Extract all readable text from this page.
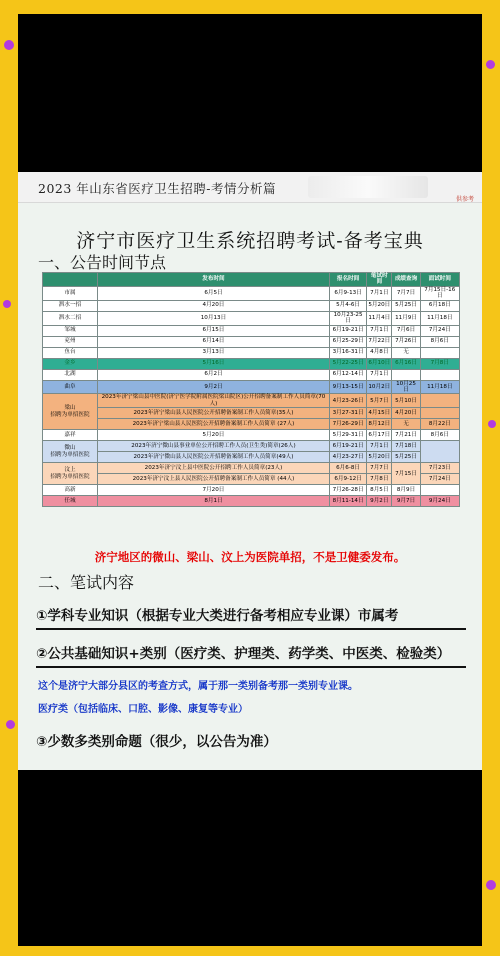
2023 年山东省医疗卫生招聘-考情分析篇
供参考
济宁市医疗卫生系统招聘考试-备考宝典
一、公告时间节点
	发布时间	报名时间	笔试时间	成绩查询	面试时间
市属	6月5日	6月9-13日	7月1日	7月7日	7月15日-16日
泗水一招	4月20日	5月4-6日	5月20日	5月25日	6月18日
泗水二招	10月13日	10月23-25日	11月4日	11月9日	11月18日
邹城	6月15日	6月19-21日	7月1日	7月6日	7月24日
兖州	6月14日	6月25-29日	7月22日	7月26日	8月6日
鱼台	3月13日	3月16-31日	4月8日	无	
金乡	5月16日	5月22-25日	6月10日	6月16日	7月8日
北湖	6月2日	6月12-14日	7月1日		
曲阜	9月2日	9月13-15日	10月2日	10月25日	11月18日
梁山
招聘为单招医院	2023年济宁梁山县中医院(济宁医学院附属医院梁山院区)公开招聘备案制工作人员简章(70人)	4月23-26日	5月7日	5月10日	
	2023年济宁梁山县人民医院公开招聘备案制工作人员简章(35人)	3月27-31日	4月15日	4月20日	
	2023年济宁梁山县人民医院公开招聘备案制工作人员简章 (27人)	7月26-29日	8月12日	无	8月22日
嘉祥	5月20日	5月29-31日	6月17日	7月21日	8月6日
微山
招聘为单招医院	2023年济宁微山县事业单位公开招聘工作人员(卫生类)简章(26人)	6月19-21日	7月1日	7月18日	
	2023年济宁微山县人民医院公开招聘备案制工作人员简章(49人)	4月23-27日	5月20日	5月25日	
汶上
招聘为单招医院	2023年济宁汶上县中医院公开招聘工作人员简章(23人)	6月6-8日	7月7日	7月15日	7月23日
	2023年济宁汶上县人民医院公开招聘备案制工作人员简章 (44人)	6月9-12日	7月8日		7月24日
高新	7月20日	7月26-28日	8月5日	8月9日	
任城	8月1日	8月11-14日	9月2日	9月7日	9月24日
济宁地区的微山、梁山、汶上为医院单招，不是卫健委发布。
二、笔试内容
①学科专业知识（根据专业大类进行备考相应专业课）市属考
②公共基础知识+类别（医疗类、护理类、药学类、中医类、检验类）
这个是济宁大部分县区的考查方式，属于那一类别备考那一类别专业课。
医疗类（包括临床、口腔、影像、康复等专业）
③少数多类别命题（很少，以公告为准）
